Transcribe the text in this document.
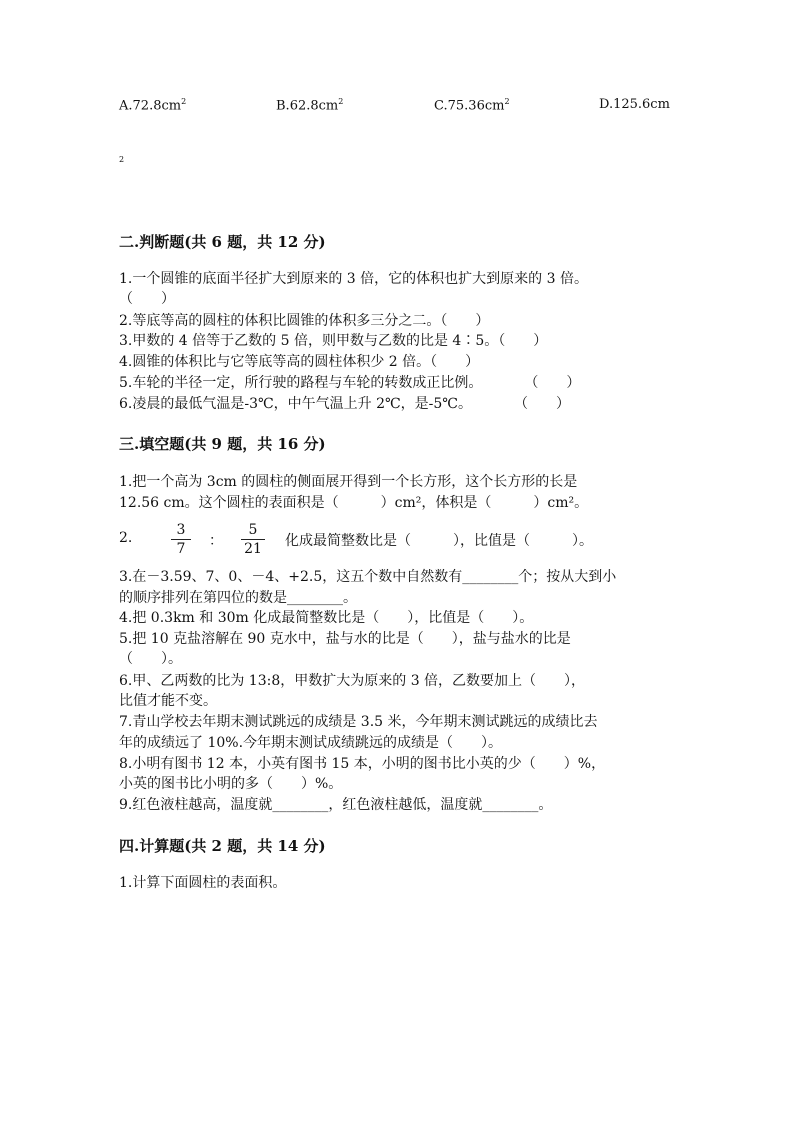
$A.72.8cm^2$	$B.62.8cm^2$	$C.75.36cm^2$	D.125.6cm
2
二.判断题(共 6 题，共 12 分)
1.一个圆锥的底面半径扩大到原来的 3 倍，它的体积也扩大到原来的 3 倍。
（　　）
2.等底等高的圆柱的体积比圆锥的体积多三分之二。（　　）
3.甲数的 4 倍等于乙数的 5 倍，则甲数与乙数的比是 4∶5。（　　）
4.圆锥的体积比与它等底等高的圆柱体积少 2 倍。（　　）
5.车轮的半径一定，所行驶的路程与车轮的转数成正比例。　　　　（　　）
6.凌晨的最低气温是-3℃，中午气温上升 2℃，是-5℃。　　　　（　　）
三.填空题(共 9 题，共 16 分)
1.把一个高为 3cm 的圆柱的侧面展开得到一个长方形，这个长方形的长是
12.56 cm。这个圆柱的表面积是（　　　）cm²，体积是（　　　）cm²。
2.	3
7	：
5
21 化成最简整数比是（　　　），比值是（　　　）。
3.在－3.59、7、0、－4、+2.5，这五个数中自然数有________个；按从大到小
的顺序排列在第四位的数是________。
4.把 0.3km 和 30m 化成最简整数比是（　　），比值是（　　）。
5.把 10 克盐溶解在 90 克水中，盐与水的比是（　　），盐与盐水的比是
（　　）。
6.甲、乙两数的比为 13:8，甲数扩大为原来的 3 倍，乙数要加上（　　），
比值才能不变。
7.青山学校去年期末测试跳远的成绩是 3.5 米，今年期末测试跳远的成绩比去
年的成绩远了 10%.今年期末测试成绩跳远的成绩是（　　）。
8.小明有图书 12 本，小英有图书 15 本，小明的图书比小英的少（　　）%，
小英的图书比小明的多（　　）%。
9.红色液柱越高，温度就________，红色液柱越低，温度就________。
四.计算题(共 2 题，共 14 分)
1.计算下面圆柱的表面积。
